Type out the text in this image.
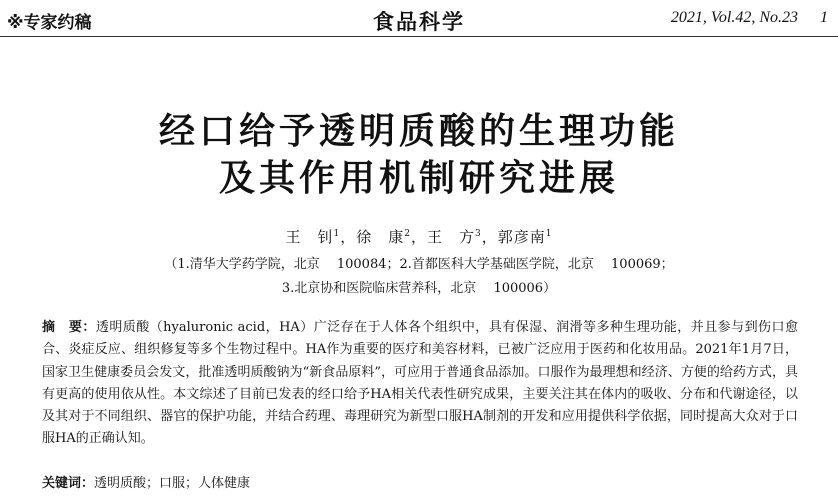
※专家约稿	食品科学	2021, Vol.42, No.23 1
经口给予透明质酸的生理功能
及其作用机制研究进展
王　钊$^1$，徐　康$^2$，王　方$^3$，郭彦南$^1$
（1.清华大学药学院，北京　 100084；2.首都医科大学基础医学院，北京　 100069；
3.北京协和医院临床营养科，北京　 100006）
摘　要：透明质酸（hyaluronic acid，HA）广泛存在于人体各个组织中，具有保湿、润滑等多种生理功能，并且参与到伤口愈合、炎症反应、组织修复等多个生物过程中。HA作为重要的医疗和美容材料，已被广泛应用于医药和化妆用品。2021年1月7日，国家卫生健康委员会发文，批准透明质酸钠为“新食品原料”，可应用于普通食品添加。口服作为最理想和经济、方便的给药方式，具有更高的使用依从性。本文综述了目前已发表的经口给予HA相关代表性研究成果，主要关注其在体内的吸收、分布和代谢途径，以及其对于不同组织、器官的保护功能，并结合药理、毒理研究为新型口服HA制剂的开发和应用提供科学依据，同时提高大众对于口服HA的正确认知。
关键词：透明质酸；口服；人体健康
